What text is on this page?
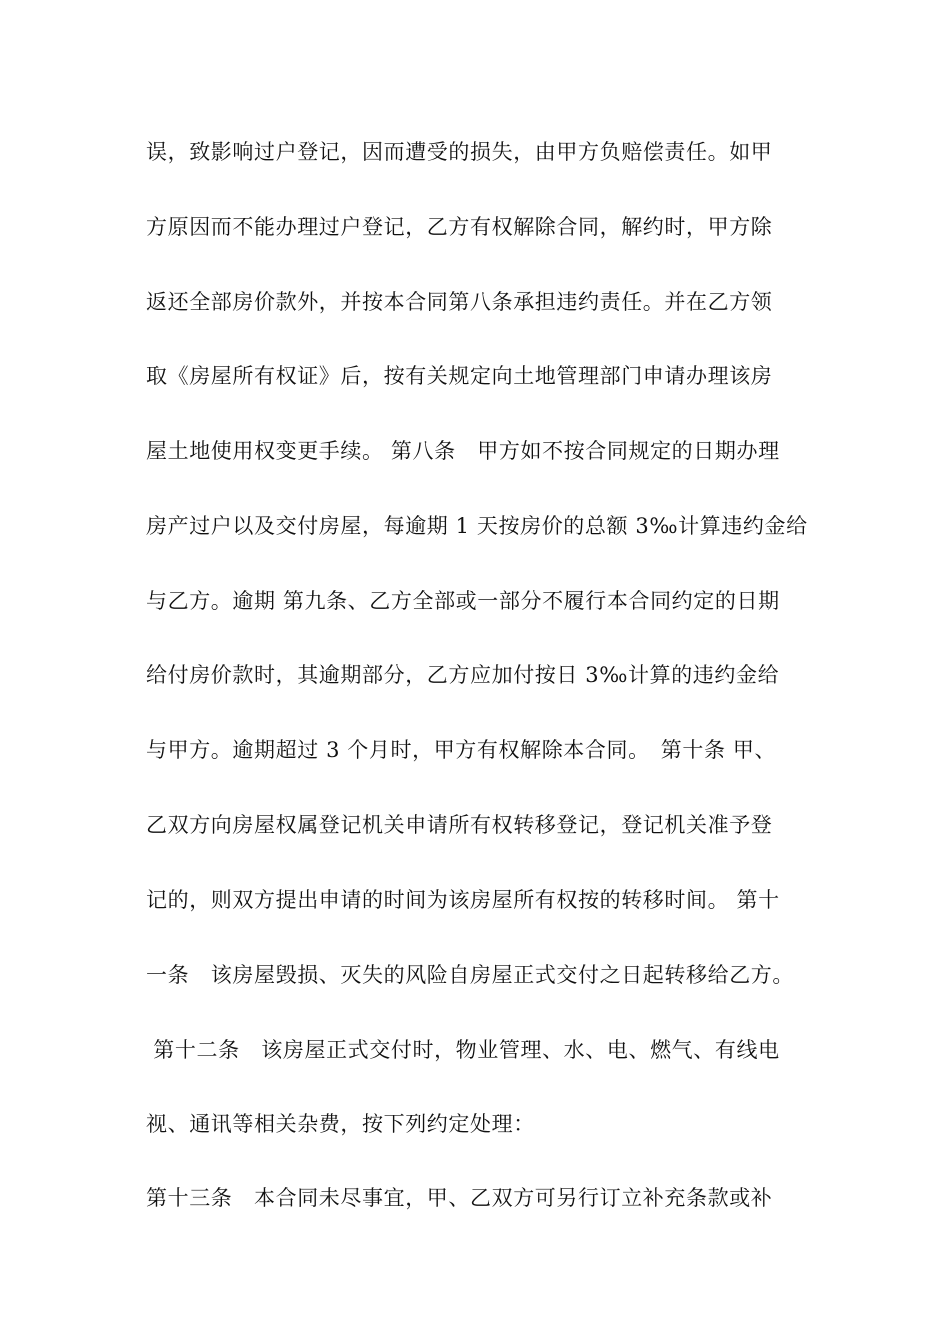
误，致影响过户登记，因而遭受的损失，由甲方负赔偿责任。如甲
方原因而不能办理过户登记，乙方有权解除合同，解约时，甲方除
返还全部房价款外，并按本合同第八条承担违约责任。并在乙方领
取《房屋所有权证》后，按有关规定向土地管理部门申请办理该房
屋土地使用权变更手续。 第八条　甲方如不按合同规定的日期办理
房产过户以及交付房屋，每逾期 1 天按房价的总额 3‰计算违约金给
与乙方。逾期 第九条、乙方全部或一部分不履行本合同约定的日期
给付房价款时，其逾期部分，乙方应加付按日 3‰计算的违约金给
与甲方。逾期超过 3 个月时，甲方有权解除本合同。　第十条 甲、
乙双方向房屋权属登记机关申请所有权转移登记，登记机关准予登
记的，则双方提出申请的时间为该房屋所有权按的转移时间。 第十
一条　该房屋毁损、灭失的风险自房屋正式交付之日起转移给乙方。
第十二条　该房屋正式交付时，物业管理、水、电、燃气、有线电
视、通讯等相关杂费，按下列约定处理：
第十三条　本合同未尽事宜，甲、乙双方可另行订立补充条款或补
